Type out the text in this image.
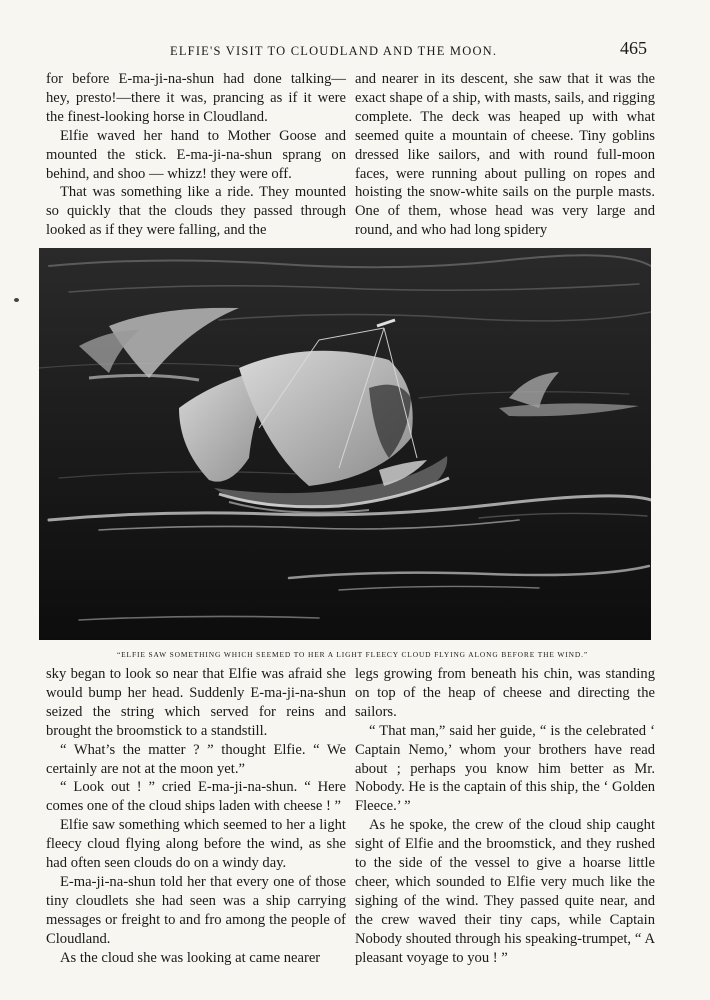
ELFIE'S VISIT TO CLOUDLAND AND THE MOON.	465

for before E-ma-ji-na-shun had done talking— hey, presto!—there it was, prancing as if it were the finest-looking horse in Cloudland.

Elfie waved her hand to Mother Goose and mounted the stick. E-ma-ji-na-shun sprang on behind, and shoo — whizz! they were off.

That was something like a ride. They mounted so quickly that the clouds they passed through looked as if they were falling, and the

and nearer in its descent, she saw that it was the exact shape of a ship, with masts, sails, and rigging complete. The deck was heaped up with what seemed quite a mountain of cheese. Tiny goblins dressed like sailors, and with round full-moon faces, were running about pulling on ropes and hoisting the snow-white sails on the purple masts. One of them, whose head was very large and round, and who had long spidery

“ELFIE SAW SOMETHING WHICH SEEMED TO HER A LIGHT FLEECY CLOUD FLYING ALONG BEFORE THE WIND.”

sky began to look so near that Elfie was afraid she would bump her head. Suddenly E-ma-ji-na-shun seized the string which served for reins and brought the broomstick to a standstill.

“ What’s the matter ? ” thought Elfie. “ We certainly are not at the moon yet.”

“ Look out ! ” cried E-ma-ji-na-shun. “ Here comes one of the cloud ships laden with cheese ! ”

Elfie saw something which seemed to her a light fleecy cloud flying along before the wind, as she had often seen clouds do on a windy day.

E-ma-ji-na-shun told her that every one of those tiny cloudlets she had seen was a ship carrying messages or freight to and fro among the people of Cloudland.

As the cloud she was looking at came nearer

legs growing from beneath his chin, was standing on top of the heap of cheese and directing the sailors.

“ That man,” said her guide, “ is the celebrated ‘ Captain Nemo,’ whom your brothers have read about ; perhaps you know him better as Mr. Nobody. He is the captain of this ship, the ‘ Golden Fleece.’ ”

As he spoke, the crew of the cloud ship caught sight of Elfie and the broomstick, and they rushed to the side of the vessel to give a hoarse little cheer, which sounded to Elfie very much like the sighing of the wind. They passed quite near, and the crew waved their tiny caps, while Captain Nobody shouted through his speaking-trumpet, “ A pleasant voyage to you ! ”
